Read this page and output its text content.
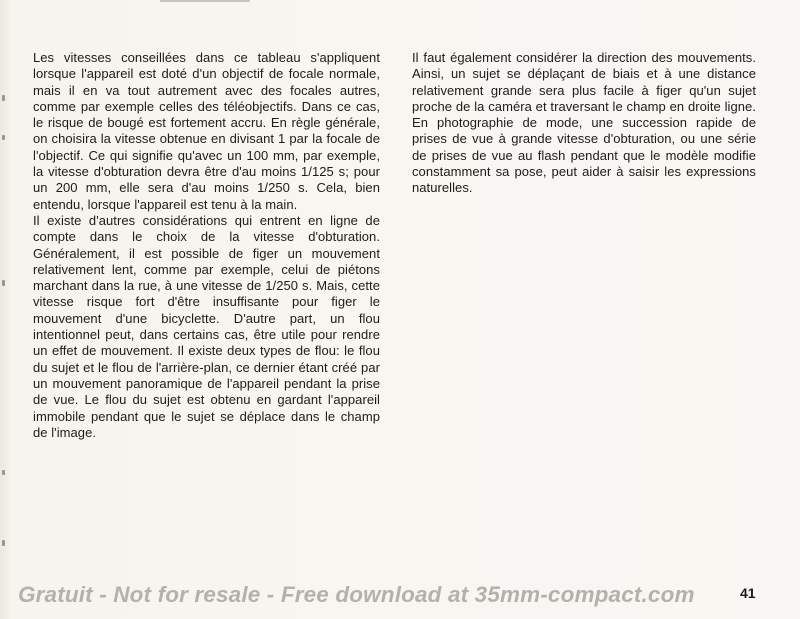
Les vitesses conseillées dans ce tableau s'appliquent lorsque l'appareil est doté d'un objectif de focale normale, mais il en va tout autrement avec des focales autres, comme par exemple celles des téléobjectifs. Dans ce cas, le risque de bougé est fortement accru. En règle générale, on choisira la vitesse obtenue en divisant 1 par la focale de l'objectif. Ce qui signifie qu'avec un 100 mm, par exemple, la vitesse d'obturation devra être d'au moins 1/125 s; pour un 200 mm, elle sera d'au moins 1/250 s. Cela, bien entendu, lorsque l'appareil est tenu à la main.

Il existe d'autres considérations qui entrent en ligne de compte dans le choix de la vitesse d'obturation. Généralement, il est possible de figer un mouvement relativement lent, comme par exemple, celui de piétons marchant dans la rue, à une vitesse de 1/250 s. Mais, cette vitesse risque fort d'être insuffisante pour figer le mouvement d'une bicyclette. D'autre part, un flou intentionnel peut, dans certains cas, être utile pour rendre un effet de mouvement. Il existe deux types de flou: le flou du sujet et le flou de l'arrière-plan, ce dernier étant créé par un mouvement panoramique de l'appareil pendant la prise de vue. Le flou du sujet est obtenu en gardant l'appareil immobile pendant que le sujet se déplace dans le champ de l'image.

Il faut également considérer la direction des mouvements. Ainsi, un sujet se déplaçant de biais et à une distance relativement grande sera plus facile à figer qu'un sujet proche de la caméra et traversant le champ en droite ligne. En photographie de mode, une succession rapide de prises de vue à grande vitesse d'obturation, ou une série de prises de vue au flash pendant que le modèle modifie constamment sa pose, peut aider à saisir les expressions naturelles.

Gratuit - Not for resale - Free download at 35mm-compact.com	41
